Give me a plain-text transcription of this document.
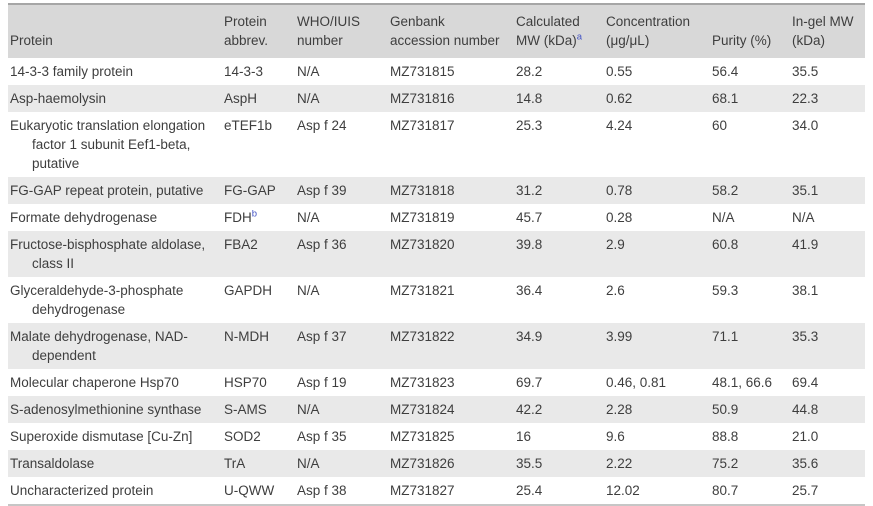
Protein	Protein abbrev.	WHO/IUIS number	Genbank accession number	Calculated MW (kDa)$^a$	Concentration (μg/μL)	Purity (%)	In-gel MW (kDa)
14-3-3 family protein	14-3-3	N/A	MZ731815	28.2	0.55	56.4	35.5
Asp-haemolysin	AspH	N/A	MZ731816	14.8	0.62	68.1	22.3
Eukaryotic translation elongation factor 1 subunit Eef1-beta, putative	eTEF1b	Asp f 24	MZ731817	25.3	4.24	60	34.0
FG-GAP repeat protein, putative	FG-GAP	Asp f 39	MZ731818	31.2	0.78	58.2	35.1
Formate dehydrogenase	FDH$^b$	N/A	MZ731819	45.7	0.28	N/A	N/A
Fructose-bisphosphate aldolase, class II	FBA2	Asp f 36	MZ731820	39.8	2.9	60.8	41.9
Glyceraldehyde-3-phosphate dehydrogenase	GAPDH	N/A	MZ731821	36.4	2.6	59.3	38.1
Malate dehydrogenase, NAD-dependent	N-MDH	Asp f 37	MZ731822	34.9	3.99	71.1	35.3
Molecular chaperone Hsp70	HSP70	Asp f 19	MZ731823	69.7	0.46, 0.81	48.1, 66.6	69.4
S-adenosylmethionine synthase	S-AMS	N/A	MZ731824	42.2	2.28	50.9	44.8
Superoxide dismutase [Cu-Zn]	SOD2	Asp f 35	MZ731825	16	9.6	88.8	21.0
Transaldolase	TrA	N/A	MZ731826	35.5	2.22	75.2	35.6
Uncharacterized protein	U-QWW	Asp f 38	MZ731827	25.4	12.02	80.7	25.7
